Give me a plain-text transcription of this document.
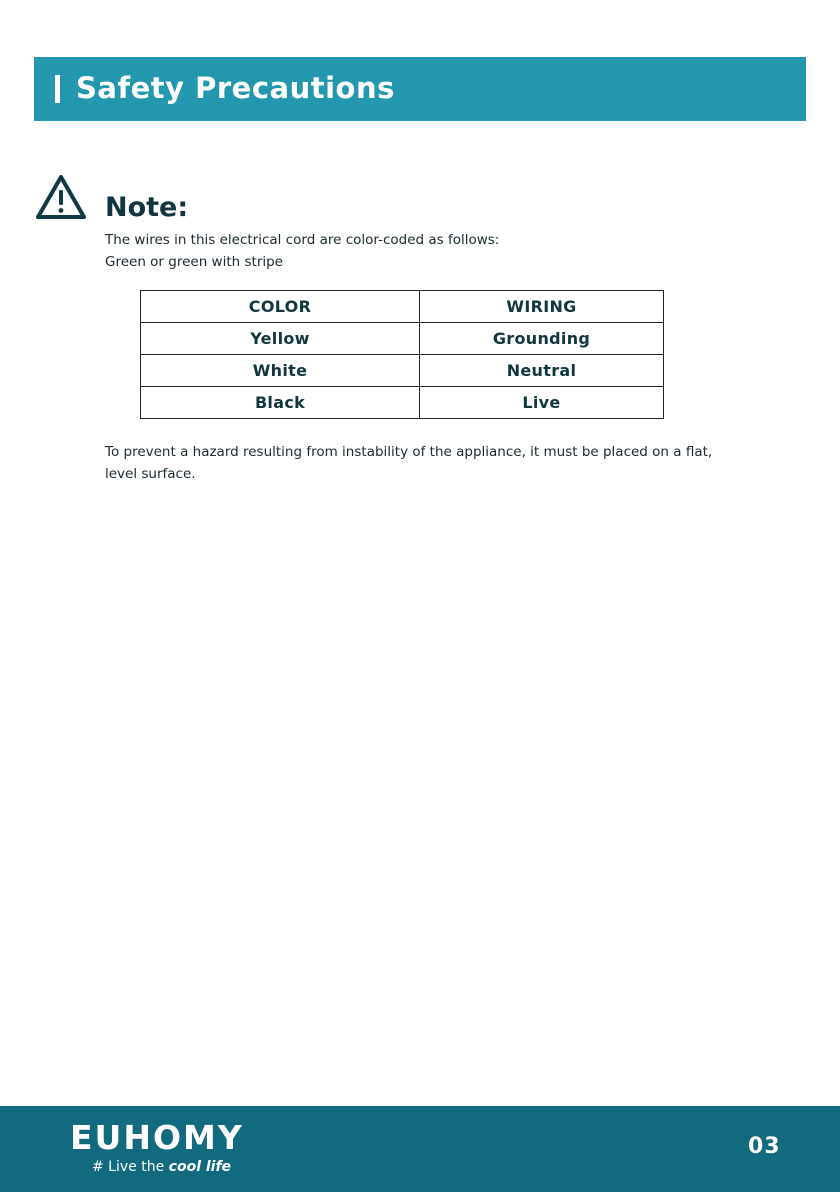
Safety Precautions
Note:
The wires in this electrical cord are color-coded as follows:
Green or green with stripe
COLOR	WIRING
Yellow	Grounding
White	Neutral
Black	Live
To prevent a hazard resulting from instability of the appliance, it must be placed on a flat,
level surface.
EUHOMY
# Live the cool life
03
